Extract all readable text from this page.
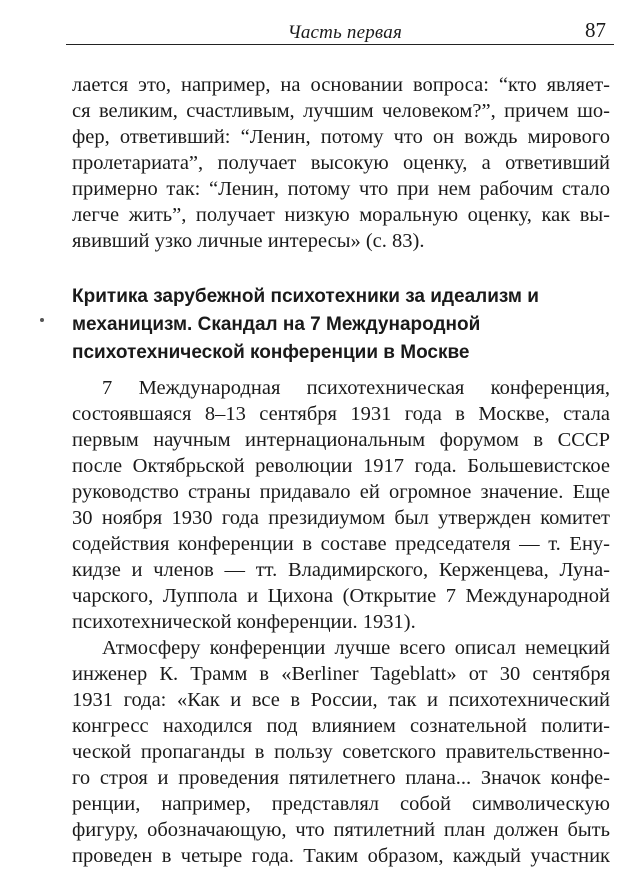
Часть первая	87
лается это, например, на основании вопроса: “кто являет-
ся великим, счастливым, лучшим человеком?”, причем шо-
фер, ответивший: “Ленин, потому что он вождь мирового
пролетариата”, получает высокую оценку, а ответивший
примерно так: “Ленин, потому что при нем рабочим стало
легче жить”, получает низкую моральную оценку, как вы-
явивший узко личные интересы» (с. 83).
Критика зарубежной психотехники за идеализм и
механицизм. Скандал на 7 Международной
психотехнической конференции в Москве
7 Международная психотехническая конференция,
состоявшаяся 8–13 сентября 1931 года в Москве, стала
первым научным интернациональным форумом в СССР
после Октябрьской революции 1917 года. Большевистское
руководство страны придавало ей огромное значение. Еще
30 ноября 1930 года президиумом был утвержден комитет
содействия конференции в составе председателя — т. Ену-
кидзе и членов — тт. Владимирского, Керженцева, Луна-
чарского, Луппола и Цихона (Открытие 7 Международной
психотехнической конференции. 1931).
Атмосферу конференции лучше всего описал немецкий
инженер К. Трамм в «Berliner Tageblatt» от 30 сентября
1931 года: «Как и все в России, так и психотехнический
конгресс находился под влиянием сознательной полити-
ческой пропаганды в пользу советского правительственно-
го строя и проведения пятилетнего плана... Значок конфе-
ренции, например, представлял собой символическую
фигуру, обозначающую, что пятилетний план должен быть
проведен в четыре года. Таким образом, каждый участник
